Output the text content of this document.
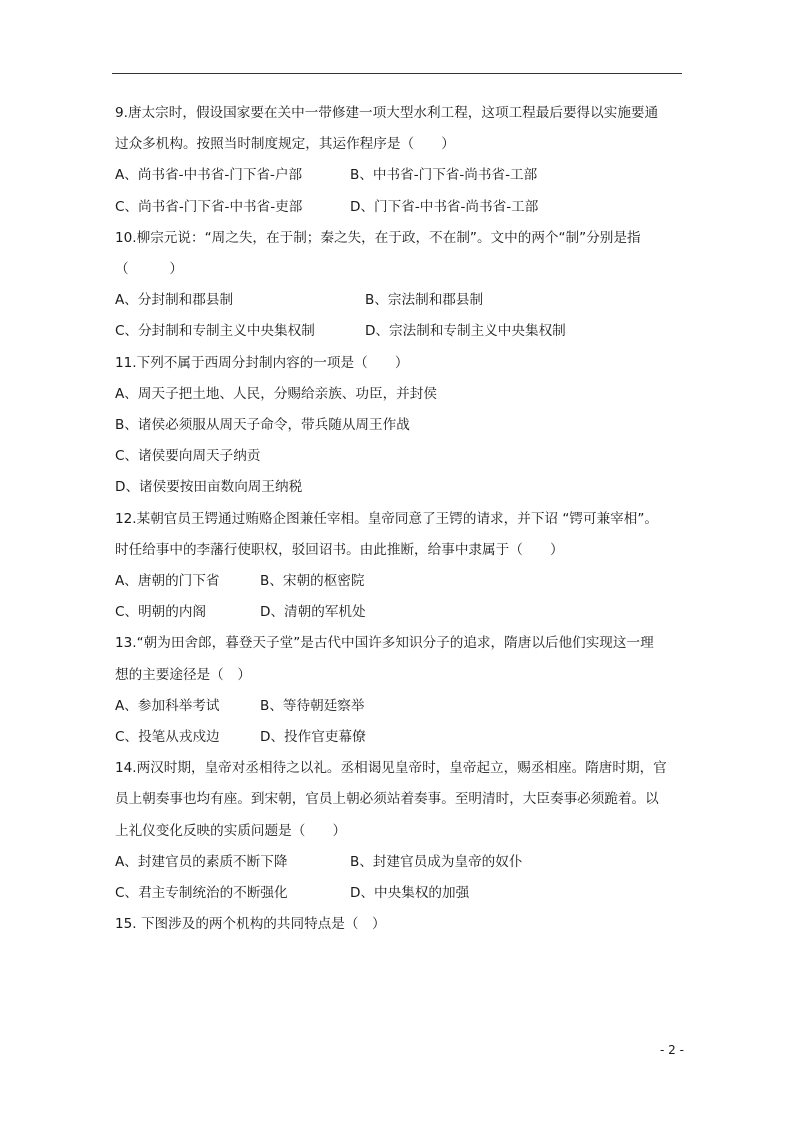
9.唐太宗时，假设国家要在关中一带修建一项大型水利工程，这项工程最后要得以实施要通
过众多机构。按照当时制度规定，其运作程序是（　　）
A、尚书省-中书省-门下省-户部	B、中书省-门下省-尚书省-工部
C、尚书省-门下省-中书省-吏部	D、门下省-中书省-尚书省-工部
10.柳宗元说：“周之失，在于制；秦之失，在于政，不在制”。文中的两个“制”分别是指
（　　　）
A、分封制和郡县制	B、宗法制和郡县制
C、分封制和专制主义中央集权制	D、宗法制和专制主义中央集权制
11.下列不属于西周分封制内容的一项是（　　）
A、周天子把土地、人民，分赐给亲族、功臣，并封侯
B、诸侯必须服从周天子命令，带兵随从周王作战
C、诸侯要向周天子纳贡
D、诸侯要按田亩数向周王纳税
12.某朝官员王锷通过贿赂企图兼任宰相。皇帝同意了王锷的请求，并下诏 “锷可兼宰相”。
时任给事中的李藩行使职权，驳回诏书。由此推断，给事中隶属于（　　）
A、唐朝的门下省	B、宋朝的枢密院
C、明朝的内阁	D、清朝的军机处
13.“朝为田舍郎，暮登天子堂”是古代中国许多知识分子的追求，隋唐以后他们实现这一理
想的主要途径是（　）
A、参加科举考试	B、等待朝廷察举
C、投笔从戎戍边	D、投作官吏幕僚
14.两汉时期，皇帝对丞相待之以礼。丞相谒见皇帝时，皇帝起立，赐丞相座。隋唐时期，官
员上朝奏事也均有座。到宋朝，官员上朝必须站着奏事。至明清时，大臣奏事必须跪着。以
上礼仪变化反映的实质问题是（　　）
A、封建官员的素质不断下降	B、封建官员成为皇帝的奴仆
C、君主专制统治的不断强化	D、中央集权的加强
15. 下图涉及的两个机构的共同特点是（　）
- 2 -
